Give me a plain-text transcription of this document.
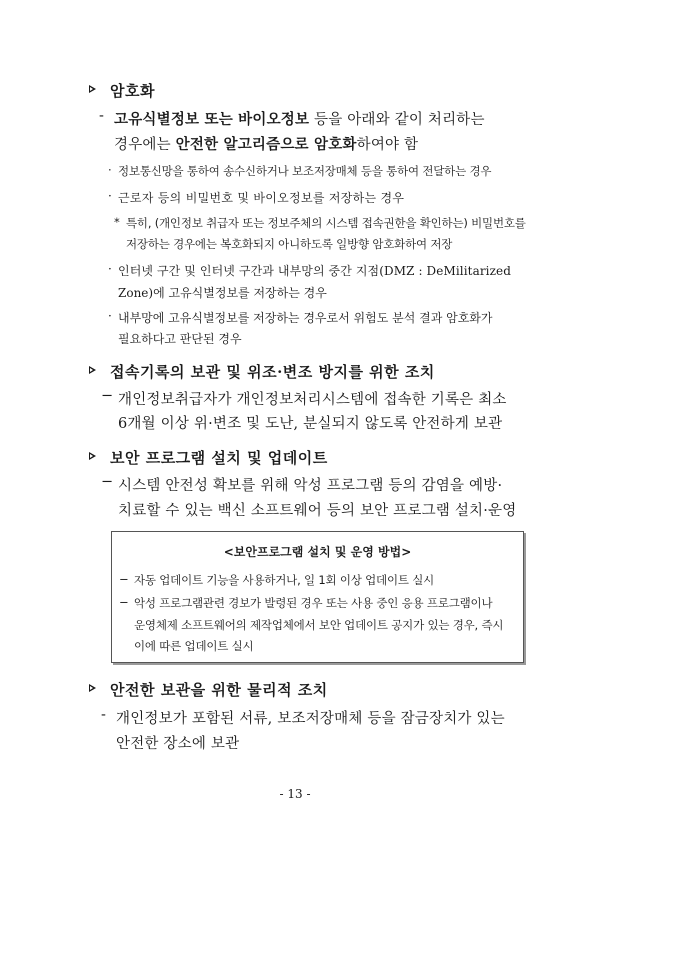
암호화
- 고유식별정보 또는 바이오정보 등을 아래와 같이 처리하는
경우에는 안전한 알고리즘으로 암호화하여야 함
· 정보통신망을 통하여 송수신하거나 보조저장매체 등을 통하여 전달하는 경우
· 근로자 등의 비밀번호 및 바이오정보를 저장하는 경우
* 특히, (개인정보 취급자 또는 정보주체의 시스템 접속권한을 확인하는) 비밀번호를
저장하는 경우에는 복호화되지 아니하도록 일방향 암호화하여 저장
· 인터넷 구간 및 인터넷 구간과 내부망의 중간 지점(DMZ : DeMilitarized
Zone)에 고유식별정보를 저장하는 경우
· 내부망에 고유식별정보를 저장하는 경우로서 위험도 분석 결과 암호화가
필요하다고 판단된 경우
접속기록의 보관 및 위조·변조 방지를 위한 조치
− 개인정보취급자가 개인정보처리시스템에 접속한 기록은 최소
6개월 이상 위·변조 및 도난, 분실되지 않도록 안전하게 보관
보안 프로그램 설치 및 업데이트
− 시스템 안전성 확보를 위해 악성 프로그램 등의 감염을 예방·
치료할 수 있는 백신 소프트웨어 등의 보안 프로그램 설치·운영
<보안프로그램 설치 및 운영 방법>
− 자동 업데이트 기능을 사용하거나, 일 1회 이상 업데이트 실시
− 악성 프로그램관련 경보가 발령된 경우 또는 사용 중인 응용 프로그램이나
운영체제 소프트웨어의 제작업체에서 보안 업데이트 공지가 있는 경우, 즉시
이에 따른 업데이트 실시
안전한 보관을 위한 물리적 조치
- 개인정보가 포함된 서류, 보조저장매체 등을 잠금장치가 있는
안전한 장소에 보관
- 13 -
